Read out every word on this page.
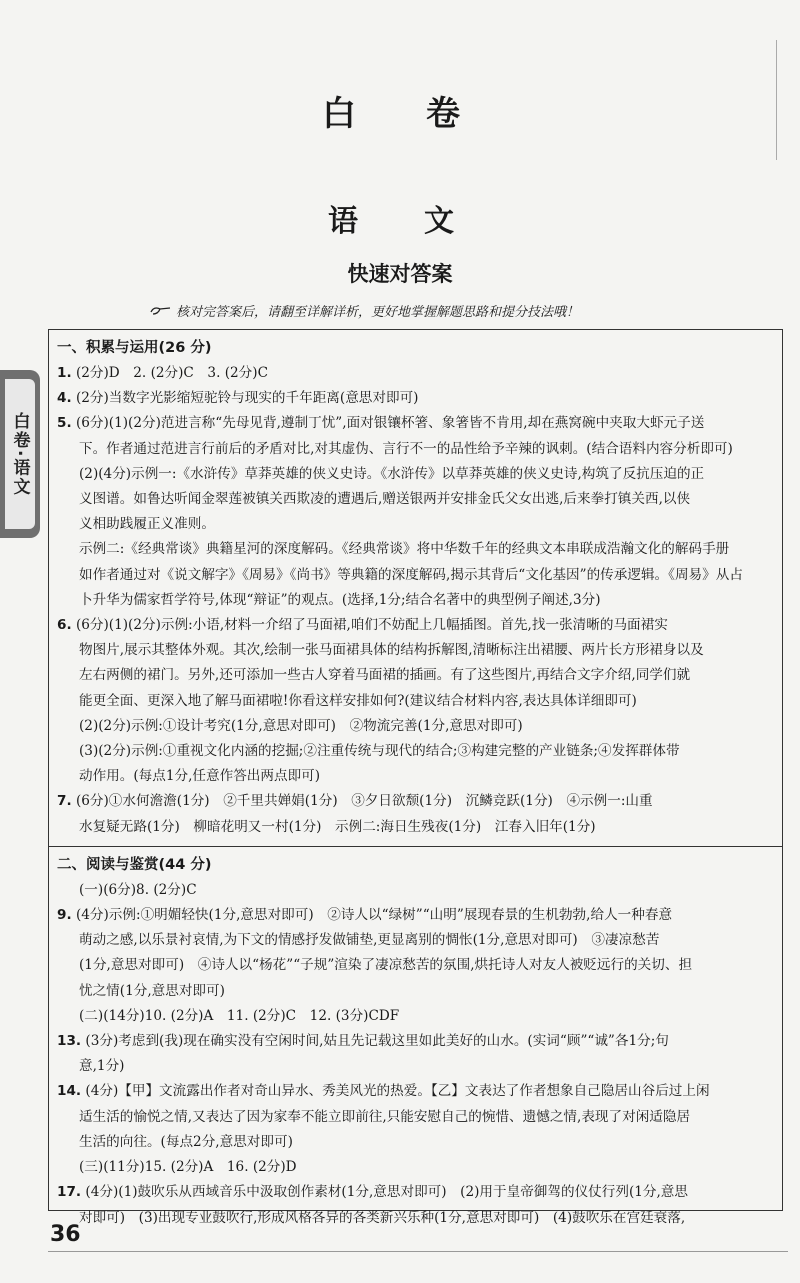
白　卷
语　文
快速对答案
核对完答案后，请翻至详解详析，更好地掌握解题思路和提分技法哦！
白卷·语文

一、积累与运用(26 分)

1. (2分)D　2. (2分)C　3. (2分)C

4. (2分)当数字光影缩短驼铃与现实的千年距离(意思对即可)

5. (6分)(1)(2分)范进言称“先母见背,遵制丁忧”,面对银镶杯箸、象箸皆不肯用,却在燕窝碗中夹取大虾元子送

下。作者通过范进言行前后的矛盾对比,对其虚伪、言行不一的品性给予辛辣的讽刺。(结合语料内容分析即可)

(2)(4分)示例一:《水浒传》草莽英雄的侠义史诗。《水浒传》以草莽英雄的侠义史诗,构筑了反抗压迫的正

义图谱。如鲁达听闻金翠莲被镇关西欺凌的遭遇后,赠送银两并安排金氏父女出逃,后来拳打镇关西,以侠

义相助践履正义准则。

示例二:《经典常谈》典籍星河的深度解码。《经典常谈》将中华数千年的经典文本串联成浩瀚文化的解码手册

如作者通过对《说文解字》《周易》《尚书》等典籍的深度解码,揭示其背后“文化基因”的传承逻辑。《周易》从占

卜升华为儒家哲学符号,体现“辩证”的观点。(选择,1分;结合名著中的典型例子阐述,3分)

6. (6分)(1)(2分)示例:小语,材料一介绍了马面裙,咱们不妨配上几幅插图。首先,找一张清晰的马面裙实

物图片,展示其整体外观。其次,绘制一张马面裙具体的结构拆解图,清晰标注出裙腰、两片长方形裙身以及

左右两侧的裙门。另外,还可添加一些古人穿着马面裙的插画。有了这些图片,再结合文字介绍,同学们就

能更全面、更深入地了解马面裙啦!你看这样安排如何?(建议结合材料内容,表达具体详细即可)

(2)(2分)示例:①设计考究(1分,意思对即可)　②物流完善(1分,意思对即可)

(3)(2分)示例:①重视文化内涵的挖掘;②注重传统与现代的结合;③构建完整的产业链条;④发挥群体带

动作用。(每点1分,任意作答出两点即可)

7. (6分)①水何澹澹(1分)　②千里共婵娟(1分)　③夕日欲颓(1分)　沉鳞竞跃(1分)　④示例一:山重

水复疑无路(1分)　柳暗花明又一村(1分)　示例二:海日生残夜(1分)　江春入旧年(1分)

二、阅读与鉴赏(44 分)

(一)(6分)8. (2分)C

9. (4分)示例:①明媚轻快(1分,意思对即可)　②诗人以“绿树”“山明”展现春景的生机勃勃,给人一种春意

萌动之感,以乐景衬哀情,为下文的情感抒发做铺垫,更显离别的惆怅(1分,意思对即可)　③凄凉愁苦

(1分,意思对即可)　④诗人以“杨花”“子规”渲染了凄凉愁苦的氛围,烘托诗人对友人被贬远行的关切、担

忧之情(1分,意思对即可)

(二)(14分)10. (2分)A　11. (2分)C　12. (3分)CDF

13. (3分)考虑到(我)现在确实没有空闲时间,姑且先记载这里如此美好的山水。(实词“顾”“诚”各1分;句

意,1分)

14. (4分)【甲】文流露出作者对奇山异水、秀美风光的热爱。【乙】文表达了作者想象自己隐居山谷后过上闲

适生活的愉悦之情,又表达了因为家奉不能立即前往,只能安慰自己的惋惜、遗憾之情,表现了对闲适隐居

生活的向往。(每点2分,意思对即可)

(三)(11分)15. (2分)A　16. (2分)D

17. (4分)(1)鼓吹乐从西域音乐中汲取创作素材(1分,意思对即可)　(2)用于皇帝御驾的仪仗行列(1分,意思

对即可)　(3)出现专业鼓吹行,形成风格各异的各类新兴乐种(1分,意思对即可)　(4)鼓吹乐在宫廷衰落,

36
